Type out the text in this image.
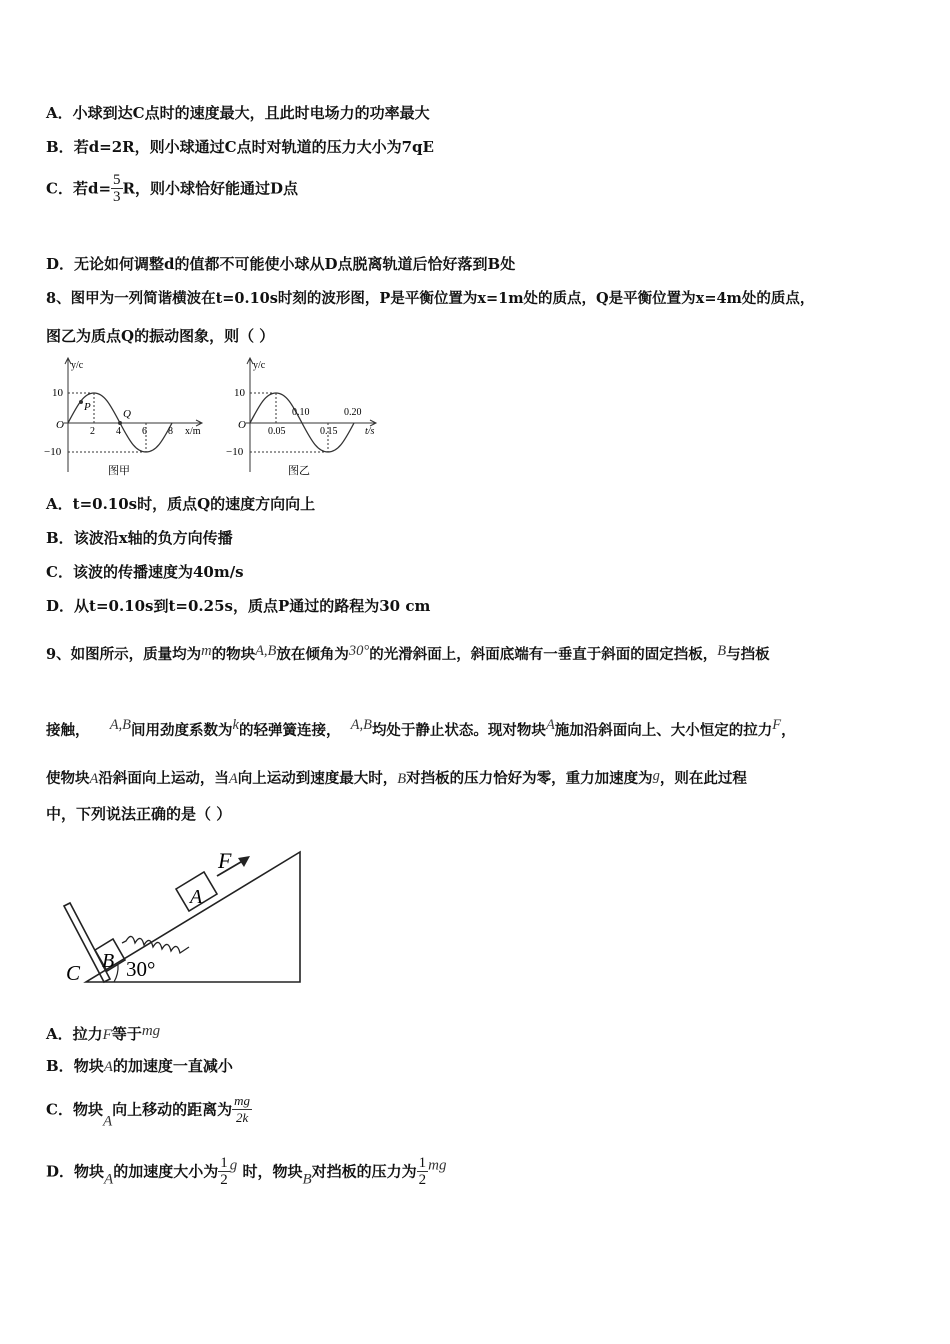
A．小球到达C点时的速度最大，且此时电场力的功率最大
B．若d=2R，则小球通过C点时对轨道的压力大小为7qE
C．若$d= \frac{5}{3}$ R，则小球恰好能通过D点
D．无论如何调整d的值都不可能使小球从D点脱离轨道后恰好落到B处
8、图甲为一列简谐横波在t=0.10s时刻的波形图，P是平衡位置为x=1m处的质点，Q是平衡位置为x=4m处的质点，
图乙为质点Q的振动图象，则（ ）
y/c
10
−10
O
P
Q
2 4 6 8 x/m
图甲
y/c
10
−10
O
0.05
0.10
0.15
0.20
t/s
图乙
A．t=0.10s时，质点Q的速度方向向上
B．该波沿x轴的负方向传播
C．该波的传播速度为40m/s
D．从t=0.10s到t=0.25s，质点P通过的路程为30 cm
9、如图所示，质量均为m的物块A,B放在倾角为30°的光滑斜面上，斜面底端有一垂直于斜面的固定挡板，B与挡板
接触， A,B间用劲度系数为k的轻弹簧连接， A,B均处于静止状态。现对物块A施加沿斜面向上、大小恒定的拉力F，
使物块A沿斜面向上运动，当A向上运动到速度最大时，B对挡板的压力恰好为零，重力加速度为g，则在此过程
中，下列说法正确的是（ ）
F
A
B
C 30°
A．拉力F等于mg
B．物块A的加速度一直减小
C．物块A向上移动的距离为 $\frac{mg}{2k}$
D．物块A的加速度大小为 $\frac{1}{2}$ g 时，物块B对挡板的压力为 $\frac{1}{2}$ mg
